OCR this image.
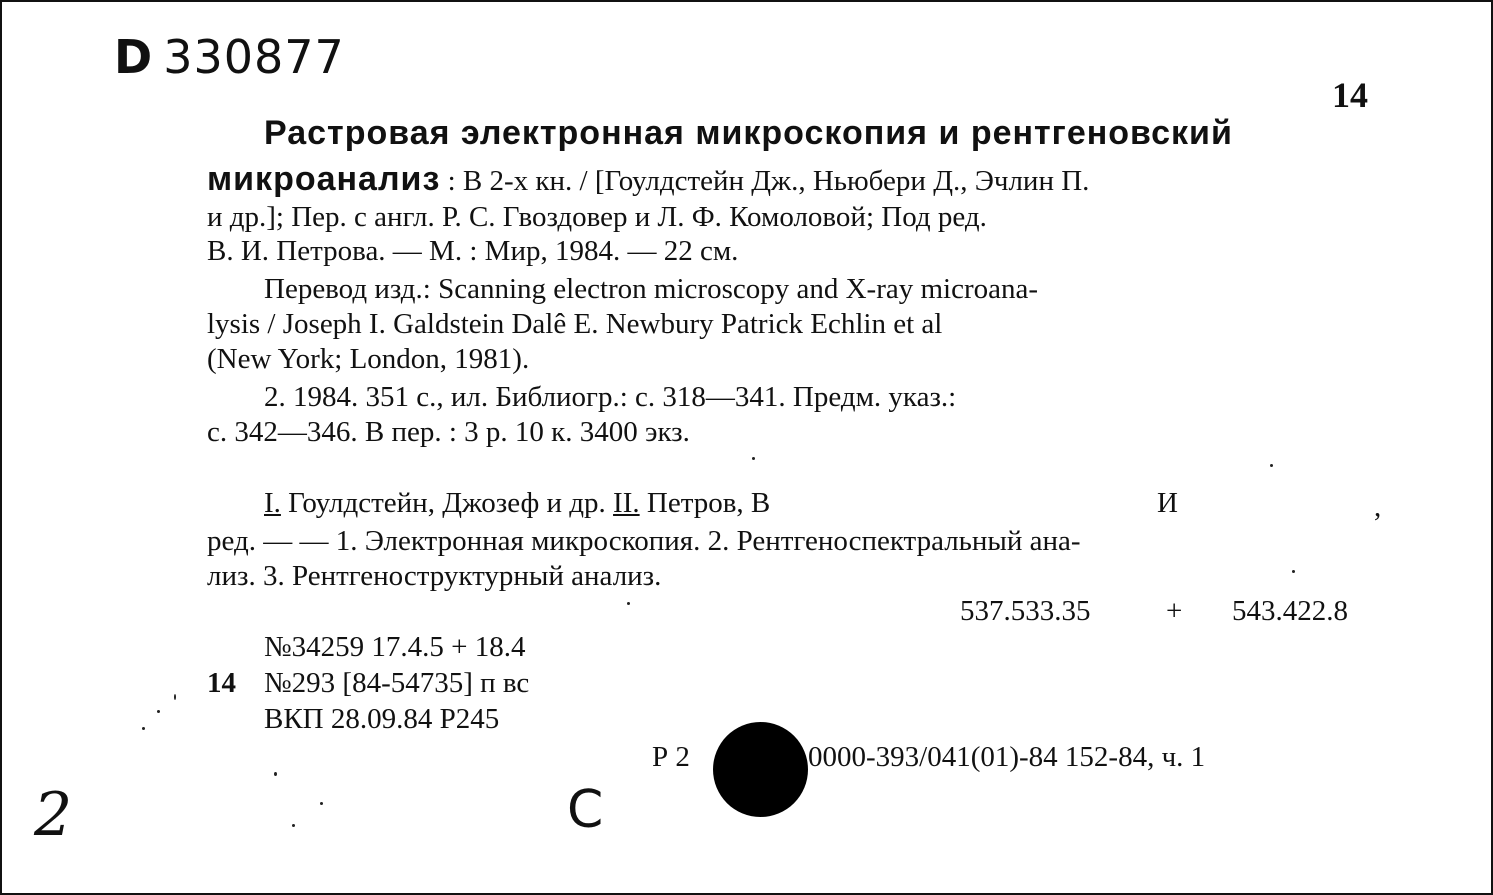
D 330877
14
Растровая электронная микроскопия и рентгеновский
микроанализ : В 2-х кн. / [Гоулдстейн Дж., Ньюбери Д., Эчлин П.
и др.]; Пер. с англ. Р. С. Гвоздовер и Л. Ф. Комоловой; Под ред.
В. И. Петрова. — М. : Мир, 1984. — 22 см.
Перевод изд.: Scanning electron microscopy and X-ray microana-
lysis / Joseph I. Galdstein Dalê E. Newbury Patrick Echlin et al
(New York; London, 1981).
2. 1984. 351 с., ил. Библиогр.: с. 318—341. Предм. указ.:
с. 342—346. В пер. : 3 р. 10 к. 3400 экз.
I. Гоулдстейн, Джозеф и др. II. Петров, В	И	,
ред. — — 1. Электронная микроскопия. 2. Рентгеноспектральный ана-
лиз. 3. Рентгеноструктурный анализ.
537.533.35	+ 543.422.8
№34259 17.4.5 + 18.4
14 №293 [84-54735] п вс
ВКП 28.09.84 Р245
Р 2	0000-393/041(01)-84 152-84, ч. 1
2	С
